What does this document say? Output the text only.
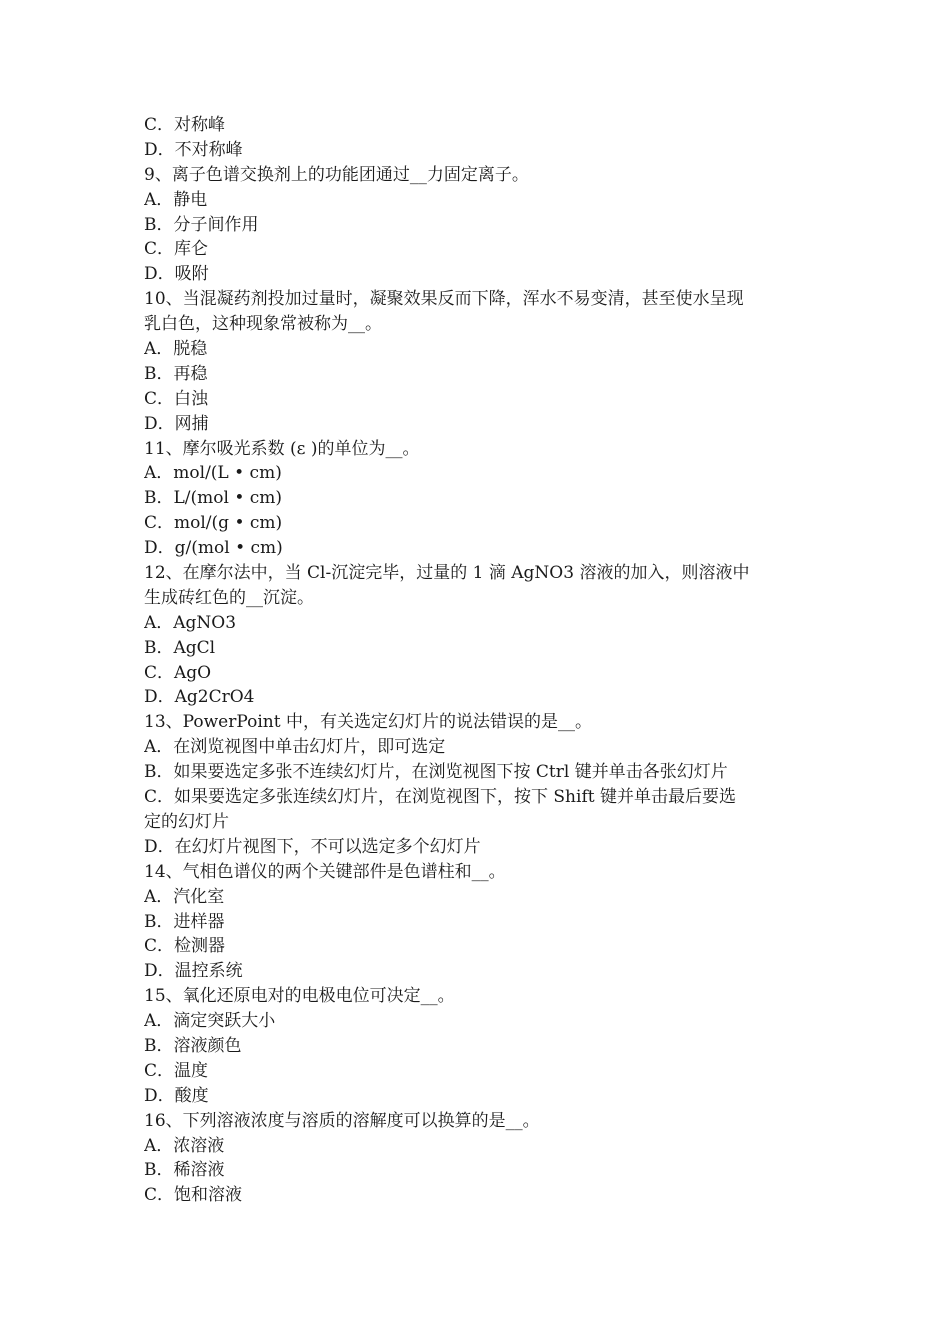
C．对称峰
D．不对称峰
9、离子色谱交换剂上的功能团通过__力固定离子。
A．静电
B．分子间作用
C．库仑
D．吸附
10、当混凝药剂投加过量时，凝聚效果反而下降，浑水不易变清，甚至使水呈现
乳白色，这种现象常被称为__。
A．脱稳
B．再稳
C．白浊
D．网捕
11、摩尔吸光系数 (ε )的单位为__。
A．mol/(L • cm)
B．L/(mol • cm)
C．mol/(g • cm)
D．g/(mol • cm)
12、在摩尔法中，当 Cl-沉淀完毕，过量的 1 滴 AgNO3 溶液的加入，则溶液中
生成砖红色的__沉淀。
A．AgNO3
B．AgCl
C．AgO
D．Ag2CrO4
13、PowerPoint 中，有关选定幻灯片的说法错误的是__。
A．在浏览视图中单击幻灯片，即可选定
B．如果要选定多张不连续幻灯片，在浏览视图下按 Ctrl 键并单击各张幻灯片
C．如果要选定多张连续幻灯片，在浏览视图下，按下 Shift 键并单击最后要选
定的幻灯片
D．在幻灯片视图下，不可以选定多个幻灯片
14、气相色谱仪的两个关键部件是色谱柱和__。
A．汽化室
B．进样器
C．检测器
D．温控系统
15、氧化还原电对的电极电位可决定__。
A．滴定突跃大小
B．溶液颜色
C．温度
D．酸度
16、下列溶液浓度与溶质的溶解度可以换算的是__。
A．浓溶液
B．稀溶液
C．饱和溶液
